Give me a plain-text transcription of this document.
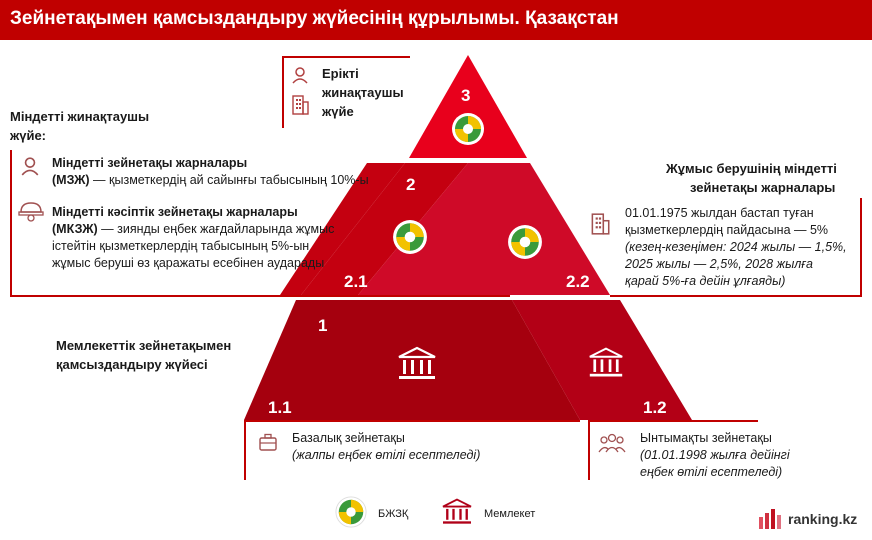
Зейнетақымен қамсыздандыру жүйесінің құрылымы. Қазақстан
3
2
2.1	2.2
1
1.1	1.2
Ерікті
жинақтаушы
жүйе
Міндетті жинақтаушы
жүйе:
Міндетті зейнетақы жарналары
(МЗЖ) — қызметкердің ай сайынғы табысының 10%-ы
Міндетті кәсіптік зейнетақы жарналары
(МКЗЖ) — зиянды еңбек жағдайларында жұмыс
істейтін қызметкерлердің табысының 5%-ын
жұмыс беруші өз қаражаты есебінен аударады
Жұмыс берушінің міндетті
зейнетақы жарналары
01.01.1975 жылдан бастап туған
қызметкерлердің пайдасына — 5%
(кезең-кезеңімен: 2024 жылы — 1,5%,
2025 жылы — 2,5%, 2028 жылға
қарай 5%-ға дейін ұлғаяды)
Мемлекеттік зейнетақымен
қамсыздандыру жүйесі
Базалық зейнетақы
(жалпы еңбек өтілі есептеледі)
Ынтымақты зейнетақы
(01.01.1998 жылға дейінгі
еңбек өтілі есептеледі)
БЖЗҚ	Мемлекет	ranking.kz
